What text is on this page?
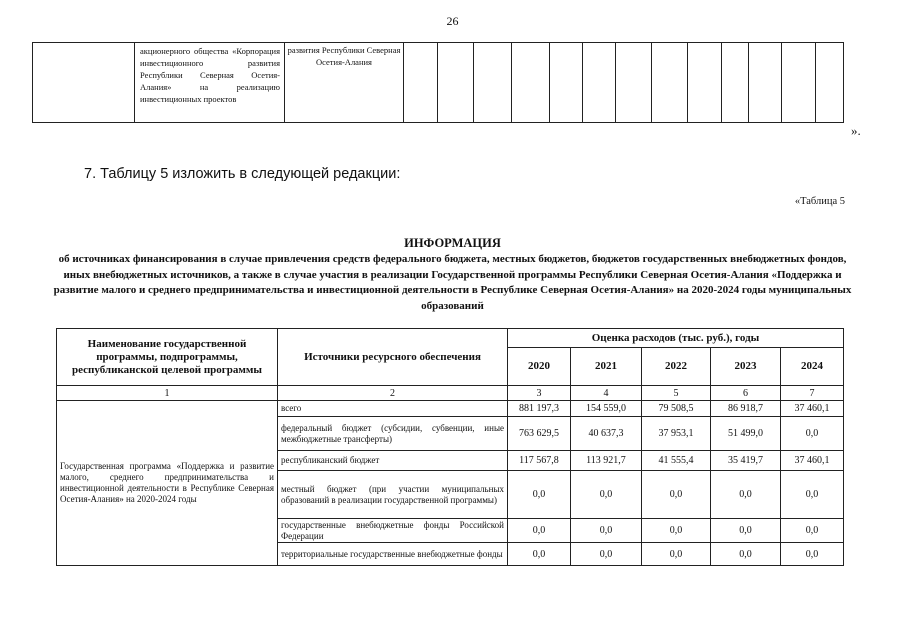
26
	акционерного общества «Корпорация инвестиционного развития Республики Северная Осетия-Алания» на реализацию инвестиционных проектов	развития Республики Северная Осетия-Алания													
».
7. Таблицу 5 изложить в следующей редакции:
«Таблица 5
ИНФОРМАЦИЯ
об источниках финансирования в случае привлечения средств федерального бюджета, местных бюджетов, бюджетов государственных внебюджетных фондов, иных внебюджетных источников, а также в случае участия в реализации Государственной программы Республики Северная Осетия-Алания «Поддержка и развитие малого и среднего предпринимательства и инвестиционной деятельности в Республике Северная Осетия-Алания» на 2020-2024 годы муниципальных образований
Наименование государственной программы, подпрограммы, республиканской целевой программы	Источники ресурсного обеспечения	Оценка расходов (тыс. руб.), годы				
		2020	2021	2022	2023	2024
1	2	3	4	5	6	7
Государственная программа «Поддержка и развитие малого, среднего предпринимательства и инвестиционной деятельности в Республике Северная Осетия-Алания» на 2020-2024 годы	всего	881 197,3	154 559,0	79 508,5	86 918,7	37 460,1
	федеральный бюджет (субсидии, субвенции, иные межбюджетные трансферты)	763 629,5	40 637,3	37 953,1	51 499,0	0,0
	республиканский бюджет	117 567,8	113 921,7	41 555,4	35 419,7	37 460,1
	местный бюджет (при участии муниципальных образований в реализации государственной программы)	0,0	0,0	0,0	0,0	0,0
	государственные внебюджетные фонды Российской Федерации	0,0	0,0	0,0	0,0	0,0
	территориальные государственные внебюджетные фонды	0,0	0,0	0,0	0,0	0,0
